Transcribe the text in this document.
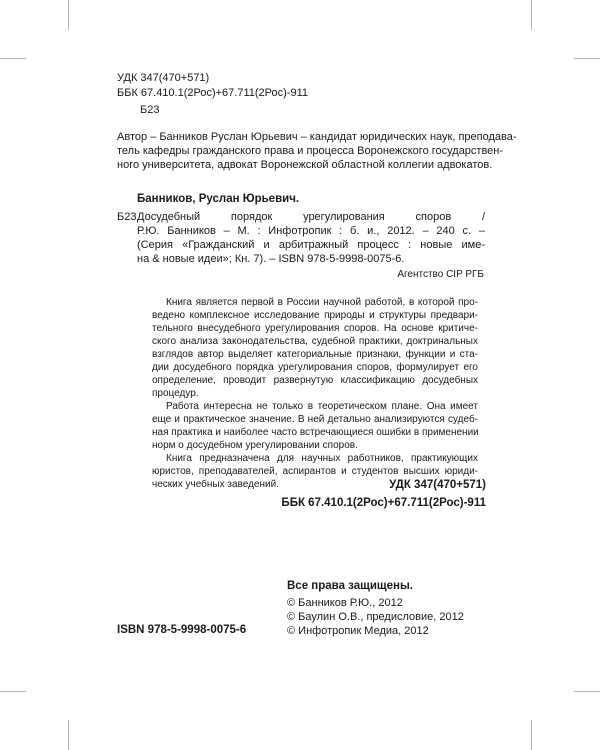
УДК 347(470+571)
ББК 67.410.1(2Рос)+67.711(2Рос)-911
Б23
Автор – Банников Руслан Юрьевич – кандидат юридических наук, преподава-
тель кафедры гражданского права и процесса Воронежского государствен-
ного университета, адвокат Воронежской областной коллегии адвокатов.
Банников, Руслан Юрьевич.
Б23 Досудебный порядок урегулирования споров /
Р.Ю. Банников – М. : Инфотропик : б. и., 2012. – 240 с. –
(Серия «Гражданский и арбитражный процесс : новые име-
на & новые идеи»; Кн. 7). – ISBN 978-5-9998-0075-6.
Агентство CIP РГБ
Книга является первой в России научной работой, в которой про-
ведено комплексное исследование природы и структуры предвари-
тельного внесудебного урегулирования споров. На основе критиче-
ского анализа законодательства, судебной практики, доктринальных
взглядов автор выделяет категориальные признаки, функции и ста-
дии досудебного порядка урегулирования споров, формулирует его
определение, проводит развернутую классификацию досудебных
процедур.
Работа интересна не только в теоретическом плане. Она имеет
еще и практическое значение. В ней детально анализируются судеб-
ная практика и наиболее часто встречающиеся ошибки в применении
норм о досудебном урегулировании споров.
Книга предназначена для научных работников, практикующих
юристов, преподавателей, аспирантов и студентов высших юриди-
ческих учебных заведений.	УДК 347(470+571)
ББК 67.410.1(2Рос)+67.711(2Рос)-911
Все права защищены.
© Банников Р.Ю., 2012
© Баулин О.В., предисловие, 2012
© Инфотропик Медиа, 2012
ISBN 978-5-9998-0075-6
